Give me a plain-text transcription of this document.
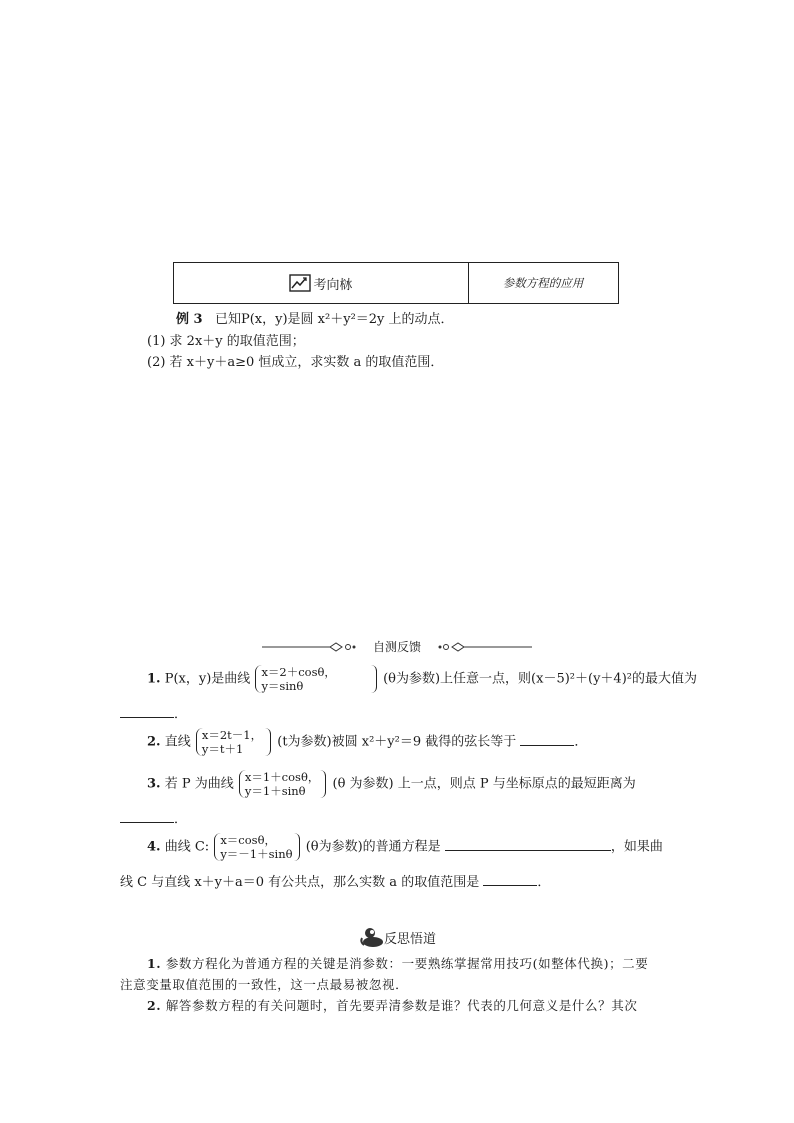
考向栤	参数方程的应用
例 3 已知P(x，y)是圆 x²＋y²＝2y 上的动点．
(1) 求 2x＋y 的取值范围；
(2) 若 x＋y＋a≥0 恒成立，求实数 a 的取值范围．
自测反馈
1. P(x，y)是曲线 x＝2＋cosθ，
y＝sinθ	(θ为参数)上任意一点，则(x－5)²＋(y＋4)²的最大值为
．
2. 直线 x＝2t－1，
y＝t＋1	(t为参数)被圆 x²＋y²＝9 截得的弦长等于	．
3. 若 P 为曲线 x＝1＋cosθ，
y＝1＋sinθ	(θ 为参数) 上一点，则点 P 与坐标原点的最短距离为
．
4. 曲线 C: x＝cosθ，
y＝－1＋sinθ (θ为参数)的普通方程是	，如果曲
线 C 与直线 x＋y＋a＝0 有公共点，那么实数 a 的取值范围是	．
反思悟道
1. 参数方程化为普通方程的关键是消参数：一要熟练掌握常用技巧(如整体代换)；二要
注意变量取值范围的一致性，这一点最易被忽视．
2. 解答参数方程的有关问题时，首先要弄清参数是谁？代表的几何意义是什么？其次
